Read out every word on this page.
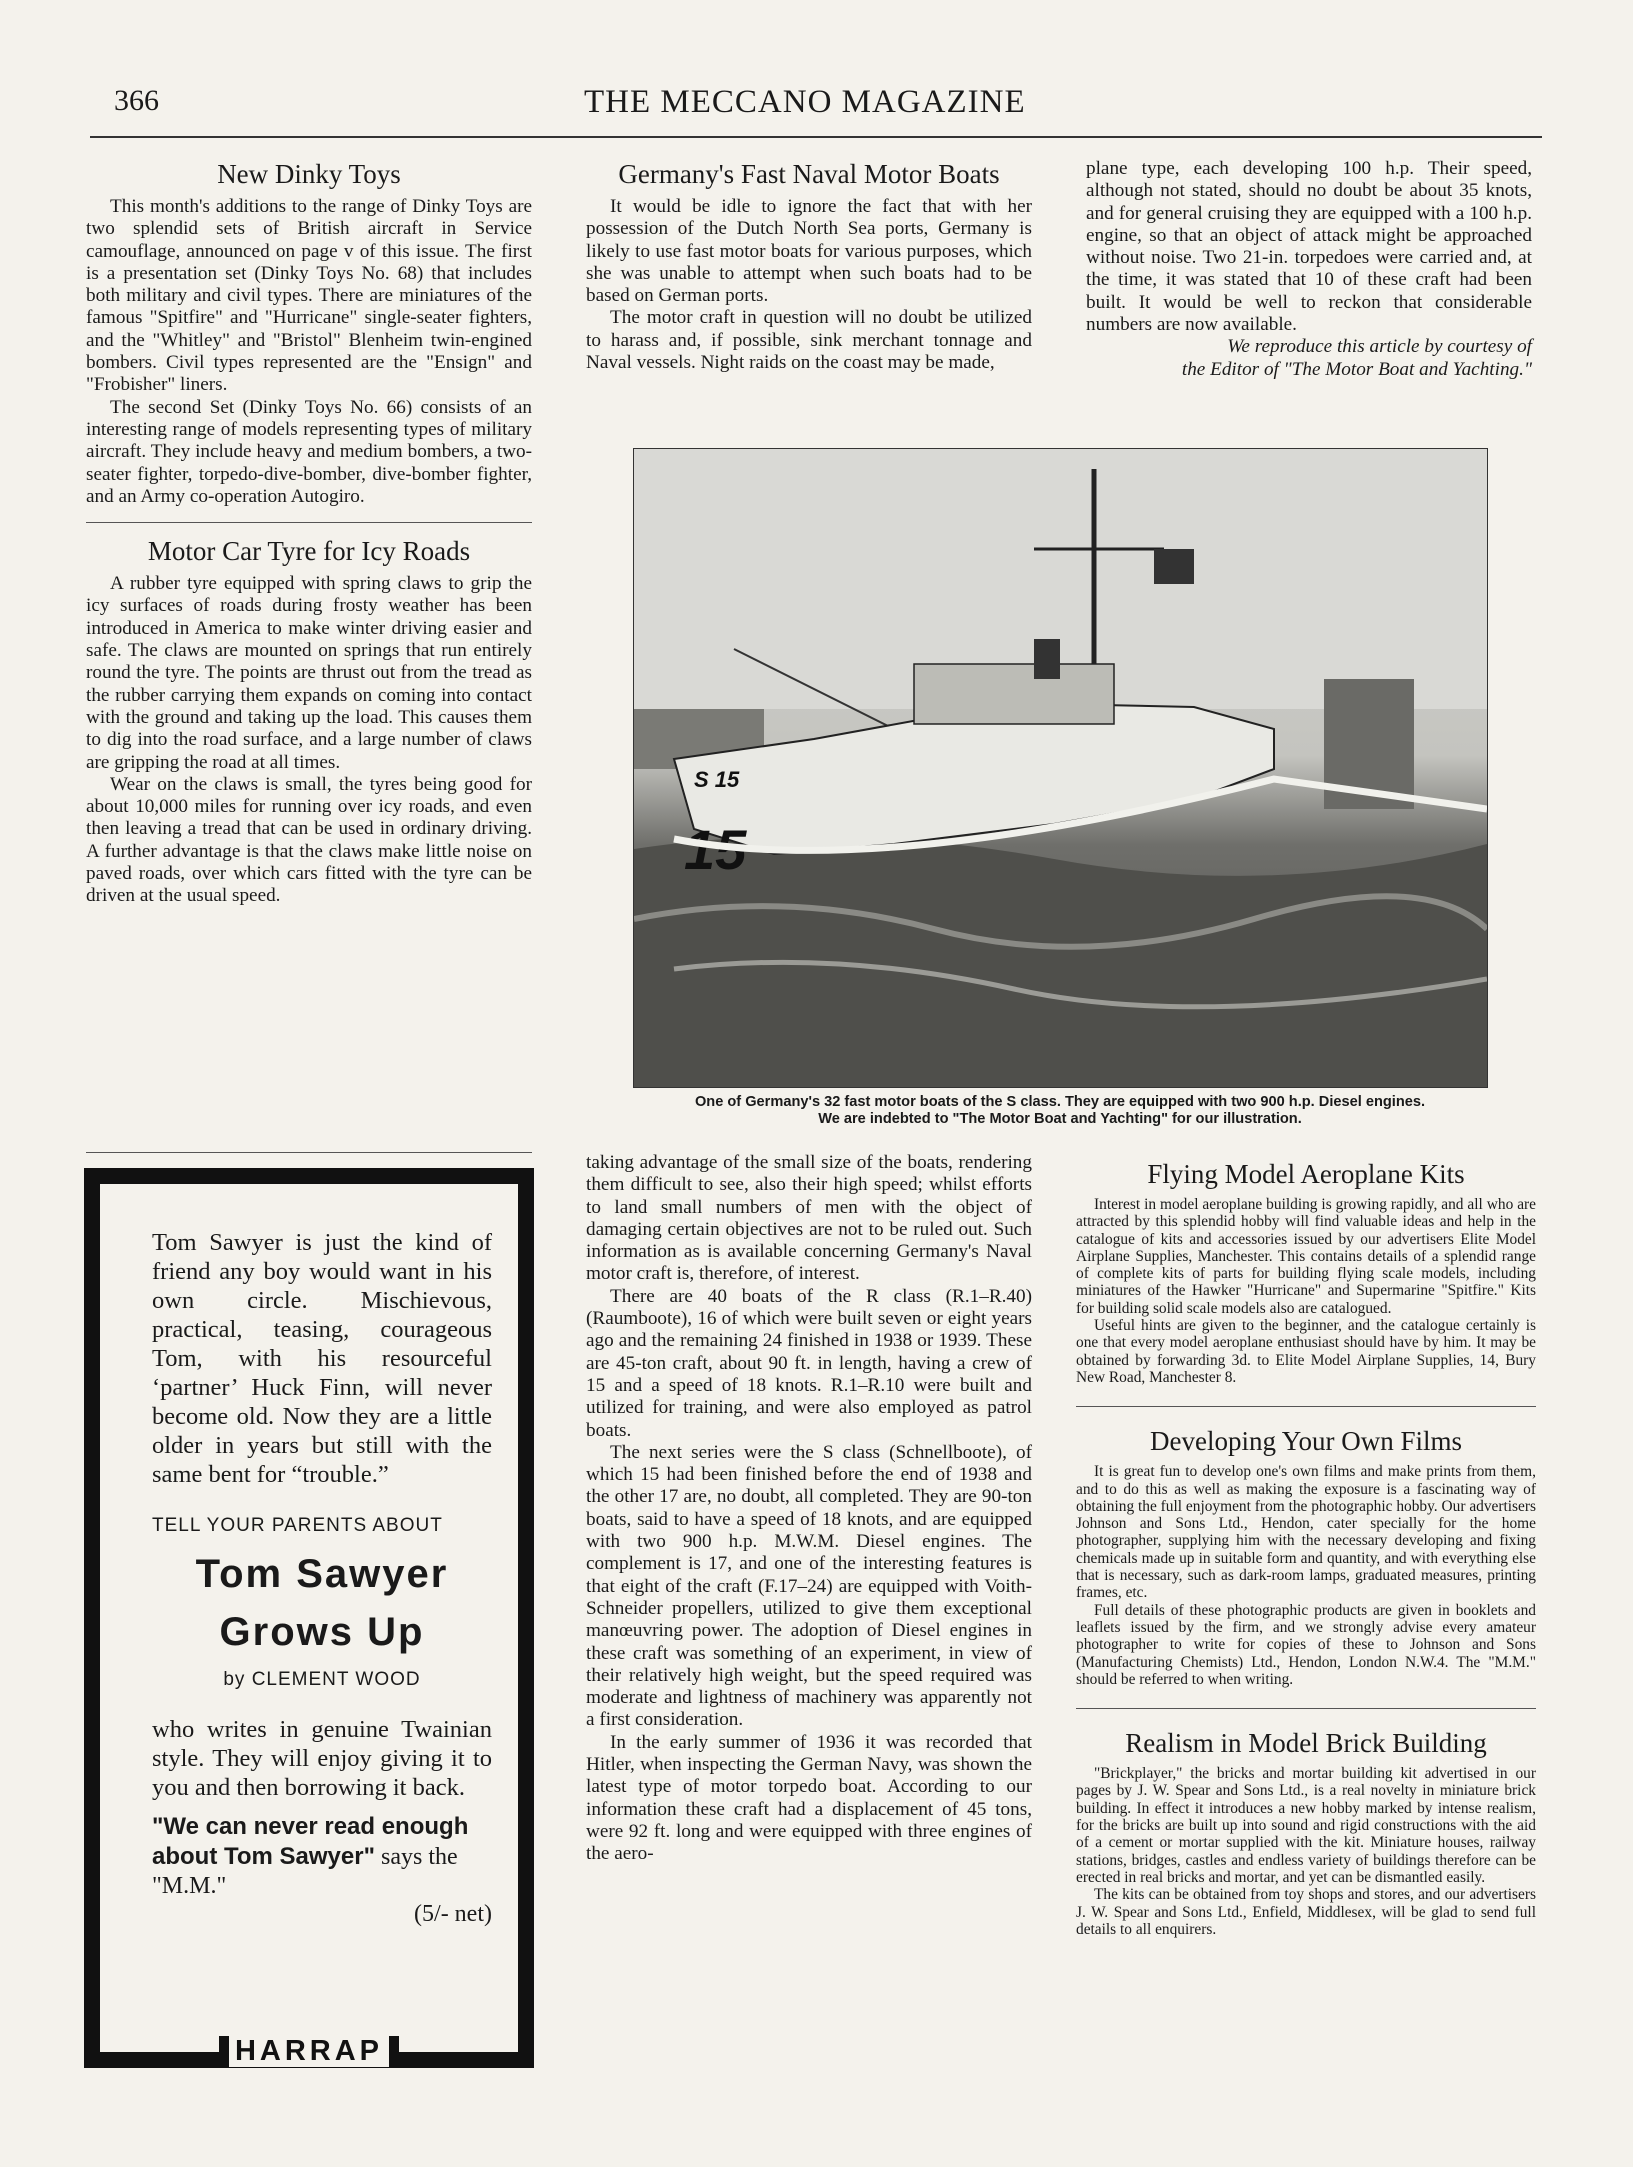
366	THE MECCANO MAGAZINE
New Dinky Toys

This month's additions to the range of Dinky Toys are two splendid sets of British aircraft in Service camouflage, announced on page v of this issue. The first is a presentation set (Dinky Toys No. 68) that includes both military and civil types. There are miniatures of the famous "Spitfire" and "Hurricane" single-seater fighters, and the "Whitley" and "Bristol" Blenheim twin-engined bombers. Civil types represented are the "Ensign" and "Frobisher" liners.

The second Set (Dinky Toys No. 66) consists of an interesting range of models representing types of military aircraft. They include heavy and medium bombers, a two-seater fighter, torpedo-dive-bomber, dive-bomber fighter, and an Army co-operation Autogiro.

Motor Car Tyre for Icy Roads

A rubber tyre equipped with spring claws to grip the icy surfaces of roads during frosty weather has been introduced in America to make winter driving easier and safe. The claws are mounted on springs that run entirely round the tyre. The points are thrust out from the tread as the rubber carrying them expands on coming into contact with the ground and taking up the load. This causes them to dig into the road surface, and a large number of claws are gripping the road at all times.

Wear on the claws is small, the tyres being good for about 10,000 miles for running over icy roads, and even then leaving a tread that can be used in ordinary driving. A further advantage is that the claws make little noise on paved roads, over which cars fitted with the tyre can be driven at the usual speed.

Germany's Fast Naval Motor Boats

It would be idle to ignore the fact that with her possession of the Dutch North Sea ports, Germany is likely to use fast motor boats for various purposes, which she was unable to attempt when such boats had to be based on German ports.

The motor craft in question will no doubt be utilized to harass and, if possible, sink merchant tonnage and Naval vessels. Night raids on the coast may be made,

plane type, each developing 100 h.p. Their speed, although not stated, should no doubt be about 35 knots, and for general cruising they are equipped with a 100 h.p. engine, so that an object of attack might be approached without noise. Two 21-in. torpedoes were carried and, at the time, it was stated that 10 of these craft had been built. It would be well to reckon that considerable numbers are now available.

We reproduce this article by courtesy of

the Editor of "The Motor Boat and Yachting."

S 15
15
One of Germany's 32 fast motor boats of the S class. They are equipped with two 900 h.p. Diesel engines.
We are indebted to "The Motor Boat and Yachting" for our illustration.

taking advantage of the small size of the boats, rendering them difficult to see, also their high speed; whilst efforts to land small numbers of men with the object of damaging certain objectives are not to be ruled out. Such information as is available concerning Germany's Naval motor craft is, therefore, of interest.

There are 40 boats of the R class (R.1–R.40) (Raumboote), 16 of which were built seven or eight years ago and the remaining 24 finished in 1938 or 1939. These are 45-ton craft, about 90 ft. in length, having a crew of 15 and a speed of 18 knots. R.1–R.10 were built and utilized for training, and were also employed as patrol boats.

The next series were the S class (Schnellboote), of which 15 had been finished before the end of 1938 and the other 17 are, no doubt, all completed. They are 90-ton boats, said to have a speed of 18 knots, and are equipped with two 900 h.p. M.W.M. Diesel engines. The complement is 17, and one of the interesting features is that eight of the craft (F.17–24) are equipped with Voith-Schneider propellers, utilized to give them exceptional manœuvring power. The adoption of Diesel engines in these craft was something of an experiment, in view of their relatively high weight, but the speed required was moderate and lightness of machinery was apparently not a first consideration.

In the early summer of 1936 it was recorded that Hitler, when inspecting the German Navy, was shown the latest type of motor torpedo boat. According to our information these craft had a displacement of 45 tons, were 92 ft. long and were equipped with three engines of the aero-

Flying Model Aeroplane Kits

Interest in model aeroplane building is growing rapidly, and all who are attracted by this splendid hobby will find valuable ideas and help in the catalogue of kits and accessories issued by our advertisers Elite Model Airplane Supplies, Manchester. This contains details of a splendid range of complete kits of parts for building flying scale models, including miniatures of the Hawker "Hurricane" and Supermarine "Spitfire." Kits for building solid scale models also are catalogued.

Useful hints are given to the beginner, and the catalogue certainly is one that every model aeroplane enthusiast should have by him. It may be obtained by forwarding 3d. to Elite Model Airplane Supplies, 14, Bury New Road, Manchester 8.

Developing Your Own Films

It is great fun to develop one's own films and make prints from them, and to do this as well as making the exposure is a fascinating way of obtaining the full enjoyment from the photographic hobby. Our advertisers Johnson and Sons Ltd., Hendon, cater specially for the home photographer, supplying him with the necessary developing and fixing chemicals made up in suitable form and quantity, and with everything else that is necessary, such as dark-room lamps, graduated measures, printing frames, etc.

Full details of these photographic products are given in booklets and leaflets issued by the firm, and we strongly advise every amateur photographer to write for copies of these to Johnson and Sons (Manufacturing Chemists) Ltd., Hendon, London N.W.4. The "M.M." should be referred to when writing.

Realism in Model Brick Building

"Brickplayer," the bricks and mortar building kit advertised in our pages by J. W. Spear and Sons Ltd., is a real novelty in miniature brick building. In effect it introduces a new hobby marked by intense realism, for the bricks are built up into sound and rigid constructions with the aid of a cement or mortar supplied with the kit. Miniature houses, railway stations, bridges, castles and endless variety of buildings therefore can be erected in real bricks and mortar, and yet can be dismantled easily.

The kits can be obtained from toy shops and stores, and our advertisers J. W. Spear and Sons Ltd., Enfield, Middlesex, will be glad to send full details to all enquirers.

Tom Sawyer is just the kind of friend any boy would want in his own circle. Mischievous, practical, teasing, courageous Tom, with his resourceful ‘partner’ Huck Finn, will never become old. Now they are a little older in years but still with the same bent for “trouble.”
TELL YOUR PARENTS ABOUT
Tom Sawyer
Grows Up
by CLEMENT WOOD
who writes in genuine Twainian style. They will enjoy giving it to you and then borrowing it back.
"We can never read enough about Tom Sawyer" says the "M.M."
(5/- net)
HARRAP
